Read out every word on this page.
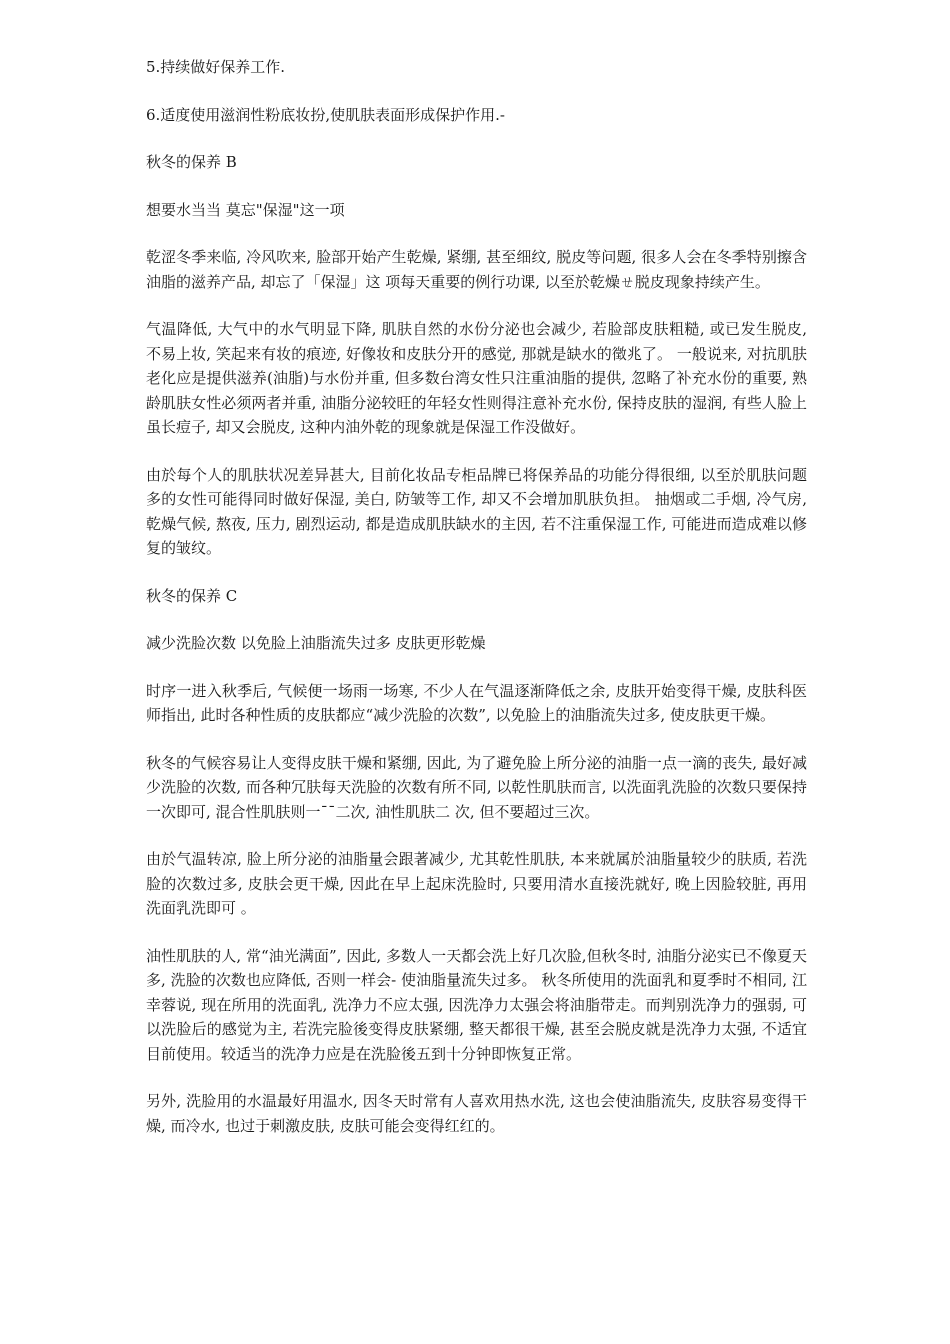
5.持续做好保养工作.

6.适度使用滋润性粉底妆扮,使肌肤表面形成保护作用.-

秋冬的保养 B

想要水当当 莫忘"保湿"这一项

乾涩冬季来临, 冷风吹来, 脸部开始产生乾燥, 紧绷, 甚至细纹, 脱皮等问题, 很多人会在冬季特别擦含油脂的滋养产品, 却忘了「保湿」这 项每天重要的例行功课, 以至於乾燥ㄝ脱皮现象持续产生。

气温降低, 大气中的水气明显下降, 肌肤自然的水份分泌也会减少, 若脸部皮肤粗糙, 或已发生脱皮, 不易上妆, 笑起来有妆的痕迹, 好像妆和皮肤分开的感觉, 那就是缺水的徵兆了。 一般说来, 对抗肌肤老化应是提供滋养(油脂)与水份并重, 但多数台湾女性只注重油脂的提供, 忽略了补充水份的重要, 熟龄肌肤女性必须两者并重, 油脂分泌较旺的年轻女性则得注意补充水份, 保持皮肤的湿润, 有些人脸上虽长痘子, 却又会脱皮, 这种内油外乾的现象就是保湿工作没做好。

由於每个人的肌肤状况差异甚大, 目前化妆品专柜品牌已将保养品的功能分得很细, 以至於肌肤问题多的女性可能得同时做好保湿, 美白, 防皱等工作, 却又不会增加肌肤负担。 抽烟或二手烟, 冷气房, 乾燥气候, 熬夜, 压力, 剧烈运动, 都是造成肌肤缺水的主因, 若不注重保湿工作, 可能进而造成难以修复的皱纹。

秋冬的保养 C

减少洗脸次数 以免脸上油脂流失过多 皮肤更形乾燥

时序一进入秋季后, 气候便一场雨一场寒, 不少人在气温逐渐降低之余, 皮肤开始变得干燥, 皮肤科医师指出, 此时各种性质的皮肤都应“减少洗脸的次数”, 以免脸上的油脂流失过多, 使皮肤更干燥。

秋冬的气候容易让人变得皮肤干燥和紧绷, 因此, 为了避免脸上所分泌的油脂一点一滴的丧失, 最好减少洗脸的次数, 而各种冗肤每天洗脸的次数有所不同, 以乾性肌肤而言, 以洗面乳洗脸的次数只要保持一次即可, 混合性肌肤则一¯¯二次, 油性肌肤二 次, 但不要超过三次。

由於气温转凉, 脸上所分泌的油脂量会跟著减少, 尤其乾性肌肤, 本来就属於油脂量较少的肤质, 若洗脸的次数过多, 皮肤会更干燥, 因此在早上起床洗脸时, 只要用清水直接洗就好, 晚上因脸较脏, 再用洗面乳洗即可 。

油性肌肤的人, 常“油光满面”, 因此, 多数人一天都会洗上好几次脸,但秋冬时, 油脂分泌实已不像夏天多, 洗脸的次数也应降低, 否则一样会- 使油脂量流失过多。 秋冬所使用的洗面乳和夏季时不相同, 江幸蓉说, 现在所用的洗面乳, 洗净力不应太强, 因洗净力太强会将油脂带走。而判别洗净力的强弱, 可以洗脸后的感觉为主, 若洗完脸後变得皮肤紧绷, 整天都很干燥, 甚至会脱皮就是洗净力太强, 不适宜目前使用。较适当的洗净力应是在洗脸後五到十分钟即恢复正常。

另外, 洗脸用的水温最好用温水, 因冬天时常有人喜欢用热水洗, 这也会使油脂流失, 皮肤容易变得干燥, 而冷水, 也过于刺激皮肤, 皮肤可能会变得红红的。
